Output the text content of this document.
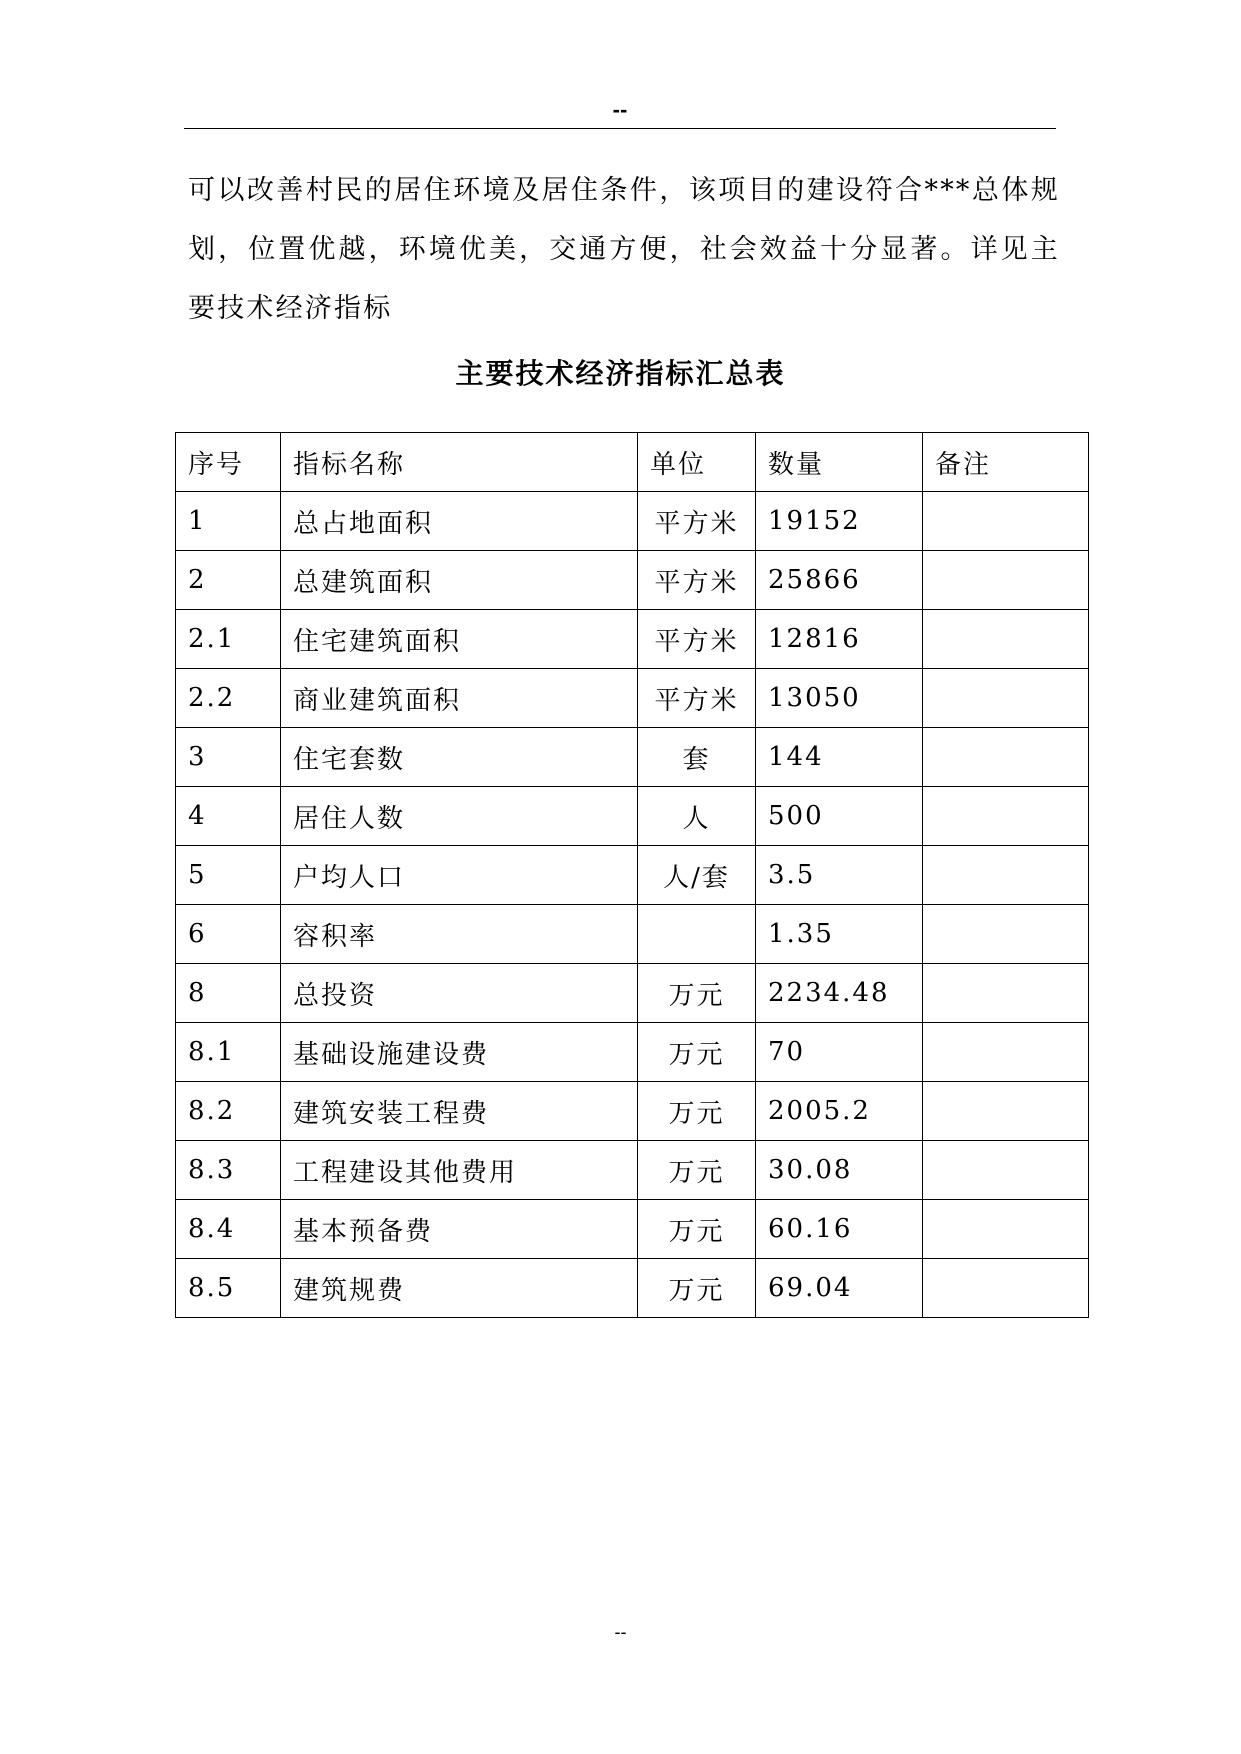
--

可以改善村民的居住环境及居住条件，该项目的建设符合***总体规划，位置优越，环境优美，交通方便，社会效益十分显著。详见主要技术经济指标

主要技术经济指标汇总表
序号	指标名称	单位	数量	备注
1	总占地面积	平方米	19152	
2	总建筑面积	平方米	25866	
2.1	住宅建筑面积	平方米	12816	
2.2	商业建筑面积	平方米	13050	
3	住宅套数	套	144	
4	居住人数	人	500	
5	户均人口	人/套	3.5	
6	容积率		1.35	
8	总投资	万元	2234.48	
8.1	基础设施建设费	万元	70	
8.2	建筑安装工程费	万元	2005.2	
8.3	工程建设其他费用	万元	30.08	
8.4	基本预备费	万元	60.16	
8.5	建筑规费	万元	69.04	
--
